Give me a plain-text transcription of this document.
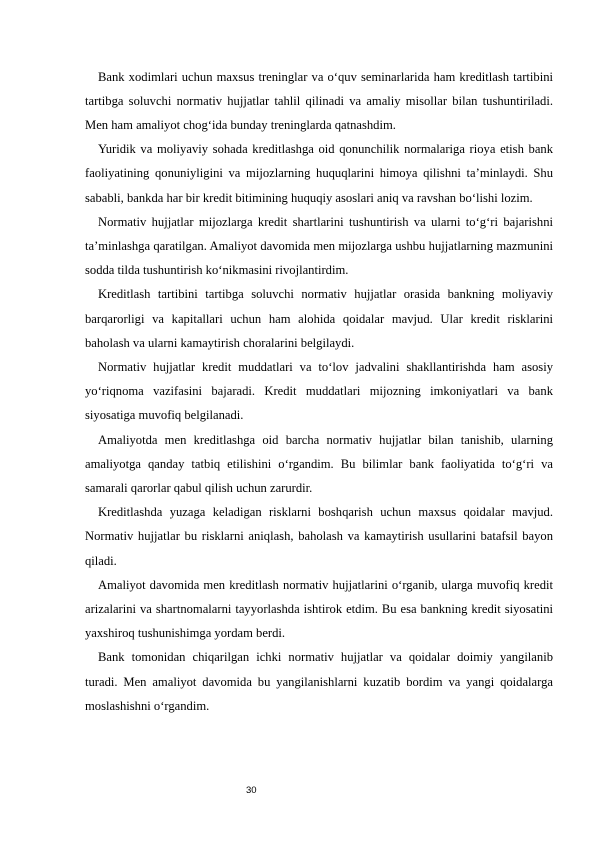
Bank xodimlari uchun maxsus treninglar va o‘quv seminarlarida ham kreditlash tartibini tartibga soluvchi normativ hujjatlar tahlil qilinadi va amaliy misollar bilan tushuntiriladi. Men ham amaliyot chog‘ida bunday treninglarda qatnashdim.

Yuridik va moliyaviy sohada kreditlashga oid qonunchilik normalariga rioya etish bank faoliyatining qonuniyligini va mijozlarning huquqlarini himoya qilishni ta’minlaydi. Shu sababli, bankda har bir kredit bitimining huquqiy asoslari aniq va ravshan bo‘lishi lozim.

Normativ hujjatlar mijozlarga kredit shartlarini tushuntirish va ularni to‘g‘ri bajarishni ta’minlashga qaratilgan. Amaliyot davomida men mijozlarga ushbu hujjatlarning mazmunini sodda tilda tushuntirish ko‘nikmasini rivojlantirdim.

Kreditlash tartibini tartibga soluvchi normativ hujjatlar orasida bankning moliyaviy barqarorligi va kapitallari uchun ham alohida qoidalar mavjud. Ular kredit risklarini baholash va ularni kamaytirish choralarini belgilaydi.

Normativ hujjatlar kredit muddatlari va to‘lov jadvalini shakllantirishda ham asosiy yo‘riqnoma vazifasini bajaradi. Kredit muddatlari mijozning imkoniyatlari va bank siyosatiga muvofiq belgilanadi.

Amaliyotda men kreditlashga oid barcha normativ hujjatlar bilan tanishib, ularning amaliyotga qanday tatbiq etilishini o‘rgandim. Bu bilimlar bank faoliyatida to‘g‘ri va samarali qarorlar qabul qilish uchun zarurdir.

Kreditlashda yuzaga keladigan risklarni boshqarish uchun maxsus qoidalar mavjud. Normativ hujjatlar bu risklarni aniqlash, baholash va kamaytirish usullarini batafsil bayon qiladi.

Amaliyot davomida men kreditlash normativ hujjatlarini o‘rganib, ularga muvofiq kredit arizalarini va shartnomalarni tayyorlashda ishtirok etdim. Bu esa bankning kredit siyosatini yaxshiroq tushunishimga yordam berdi.

Bank tomonidan chiqarilgan ichki normativ hujjatlar va qoidalar doimiy yangilanib turadi. Men amaliyot davomida bu yangilanishlarni kuzatib bordim va yangi qoidalarga moslashishni o‘rgandim.

30
